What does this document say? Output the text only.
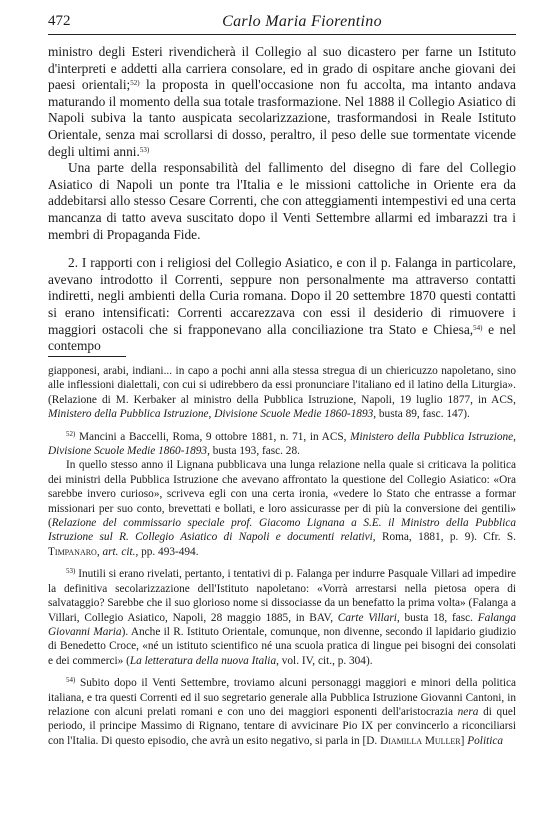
472	Carlo Maria Fiorentino

ministro degli Esteri rivendicherà il Collegio al suo dicastero per farne un Istituto d'interpreti e addetti alla carriera consolare, ed in grado di ospitare anche giovani dei paesi orientali;$^{52)}$ la proposta in quell'occasione non fu accolta, ma intanto andava maturando il momento della sua totale trasformazione. Nel 1888 il Collegio Asiatico di Napoli subiva la tanto auspicata secolarizzazione, trasformandosi in Reale Istituto Orientale, senza mai scrollarsi di dosso, peraltro, il peso delle sue tormentate vicende degli ultimi anni.$^{53)}$

Una parte della responsabilità del fallimento del disegno di fare del Collegio Asiatico di Napoli un ponte tra l'Italia e le missioni cattoliche in Oriente era da addebitarsi allo stesso Cesare Correnti, che con atteggiamenti intempestivi ed una certa mancanza di tatto aveva suscitato dopo il Venti Settembre allarmi ed imbarazzi tra i membri di Propaganda Fide.

2. I rapporti con i religiosi del Collegio Asiatico, e con il p. Falanga in particolare, avevano introdotto il Correnti, seppure non personalmente ma attraverso contatti indiretti, negli ambienti della Curia romana. Dopo il 20 settembre 1870 questi contatti si erano intensificati: Correnti accarezzava con essi il desiderio di rimuovere i maggiori ostacoli che si frapponevano alla conciliazione tra Stato e Chiesa,$^{54)}$ e nel contempo

giapponesi, arabi, indiani... in capo a pochi anni alla stessa stregua di un chiericuzzo napoletano, sino alle inflessioni dialettali, con cui si udirebbero da essi pronunciare l'italiano ed il latino della Liturgia». (Relazione di M. Kerbaker al ministro della Pubblica Istruzione, Napoli, 19 luglio 1877, in ACS, Ministero della Pubblica Istruzione, Divisione Scuole Medie 1860-1893, busta 89, fasc. 147).

$^{52)}$ Mancini a Baccelli, Roma, 9 ottobre 1881, n. 71, in ACS, Ministero della Pubblica Istruzione, Divisione Scuole Medie 1860-1893, busta 193, fasc. 28.

In quello stesso anno il Lignana pubblicava una lunga relazione nella quale si criticava la politica dei ministri della Pubblica Istruzione che avevano affrontato la questione del Collegio Asiatico: «Ora sarebbe invero curioso», scriveva egli con una certa ironia, «vedere lo Stato che entrasse a formar missionari per suo conto, brevettati e bollati, e loro assicurasse per di più la conversione dei gentili» (Relazione del commissario speciale prof. Giacomo Lignana a S.E. il Ministro della Pubblica Istruzione sul R. Collegio Asiatico di Napoli e documenti relativi, Roma, 1881, p. 9). Cfr. S. Timpanaro, art. cit., pp. 493-494.

$^{53)}$ Inutili si erano rivelati, pertanto, i tentativi di p. Falanga per indurre Pasquale Villari ad impedire la definitiva secolarizzazione dell'Istituto napoletano: «Vorrà arrestarsi nella pietosa opera di salvataggio? Sarebbe che il suo glorioso nome si dissociasse da un benefatto la prima volta» (Falanga a Villari, Collegio Asiatico, Napoli, 28 maggio 1885, in BAV, Carte Villari, busta 18, fasc. Falanga Giovanni Maria). Anche il R. Istituto Orientale, comunque, non divenne, secondo il lapidario giudizio di Benedetto Croce, «né un istituto scientifico né una scuola pratica di lingue pei bisogni dei consolati e dei commerci» (La letteratura della nuova Italia, vol. IV, cit., p. 304).

$^{54)}$ Subito dopo il Venti Settembre, troviamo alcuni personaggi maggiori e minori della politica italiana, e tra questi Correnti ed il suo segretario generale alla Pubblica Istruzione Giovanni Cantoni, in relazione con alcuni prelati romani e con uno dei maggiori esponenti dell'aristocrazia nera di quel periodo, il principe Massimo di Rignano, tentare di avvicinare Pio IX per convincerlo a riconciliarsi con l'Italia. Di questo episodio, che avrà un esito negativo, si parla in [D. Diamilla Muller] Politica
